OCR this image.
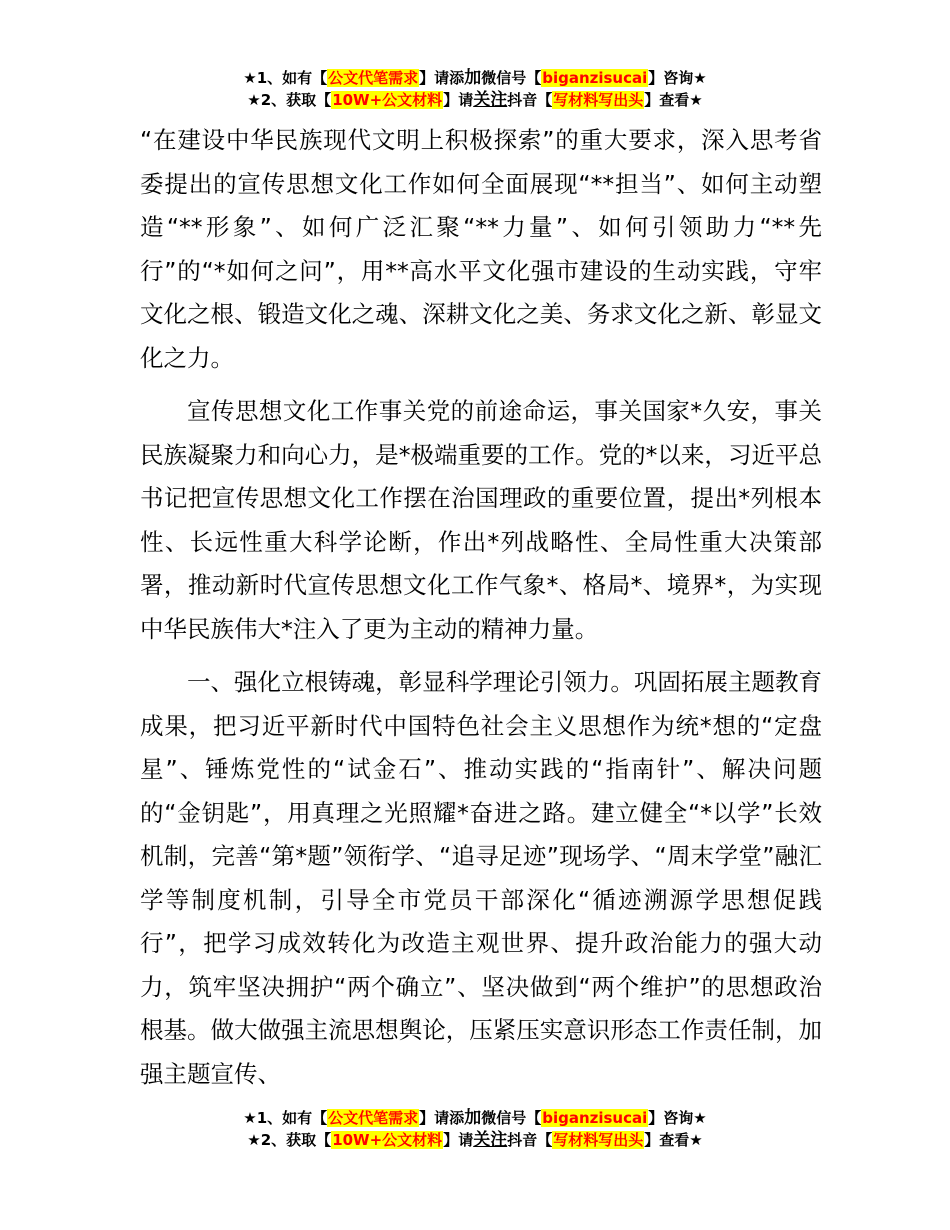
★1、如有【公文代笔需求】请添加微信号【biganzisucai】咨询★
★2、获取【10W+公文材料】请关注抖音【写材料写出头】查看★

“在建设中华民族现代文明上积极探索”的重大要求，深入思考省委提出的宣传思想文化工作如何全面展现“**担当”、如何主动塑造“**形象”、如何广泛汇聚“**力量”、如何引领助力“**先行”的“*如何之问”，用**高水平文化强市建设的生动实践，守牢文化之根、锻造文化之魂、深耕文化之美、务求文化之新、彰显文化之力。

宣传思想文化工作事关党的前途命运，事关国家*久安，事关民族凝聚力和向心力，是*极端重要的工作。党的*以来，习近平总书记把宣传思想文化工作摆在治国理政的重要位置，提出*列根本性、长远性重大科学论断，作出*列战略性、全局性重大决策部署，推动新时代宣传思想文化工作气象*、格局*、境界*，为实现中华民族伟大*注入了更为主动的精神力量。

一、强化立根铸魂，彰显科学理论引领力。巩固拓展主题教育成果，把习近平新时代中国特色社会主义思想作为统*想的“定盘星”、锤炼党性的“试金石”、推动实践的“指南针”、解决问题的“金钥匙”，用真理之光照耀*奋进之路。建立健全“*以学”长效机制，完善“第*题”领衔学、“追寻足迹”现场学、“周末学堂”融汇学等制度机制，引导全市党员干部深化“循迹溯源学思想促践行”，把学习成效转化为改造主观世界、提升政治能力的强大动力，筑牢坚决拥护“两个确立”、坚决做到“两个维护”的思想政治根基。做大做强主流思想舆论，压紧压实意识形态工作责任制，加强主题宣传、

★1、如有【公文代笔需求】请添加微信号【biganzisucai】咨询★
★2、获取【10W+公文材料】请关注抖音【写材料写出头】查看★
